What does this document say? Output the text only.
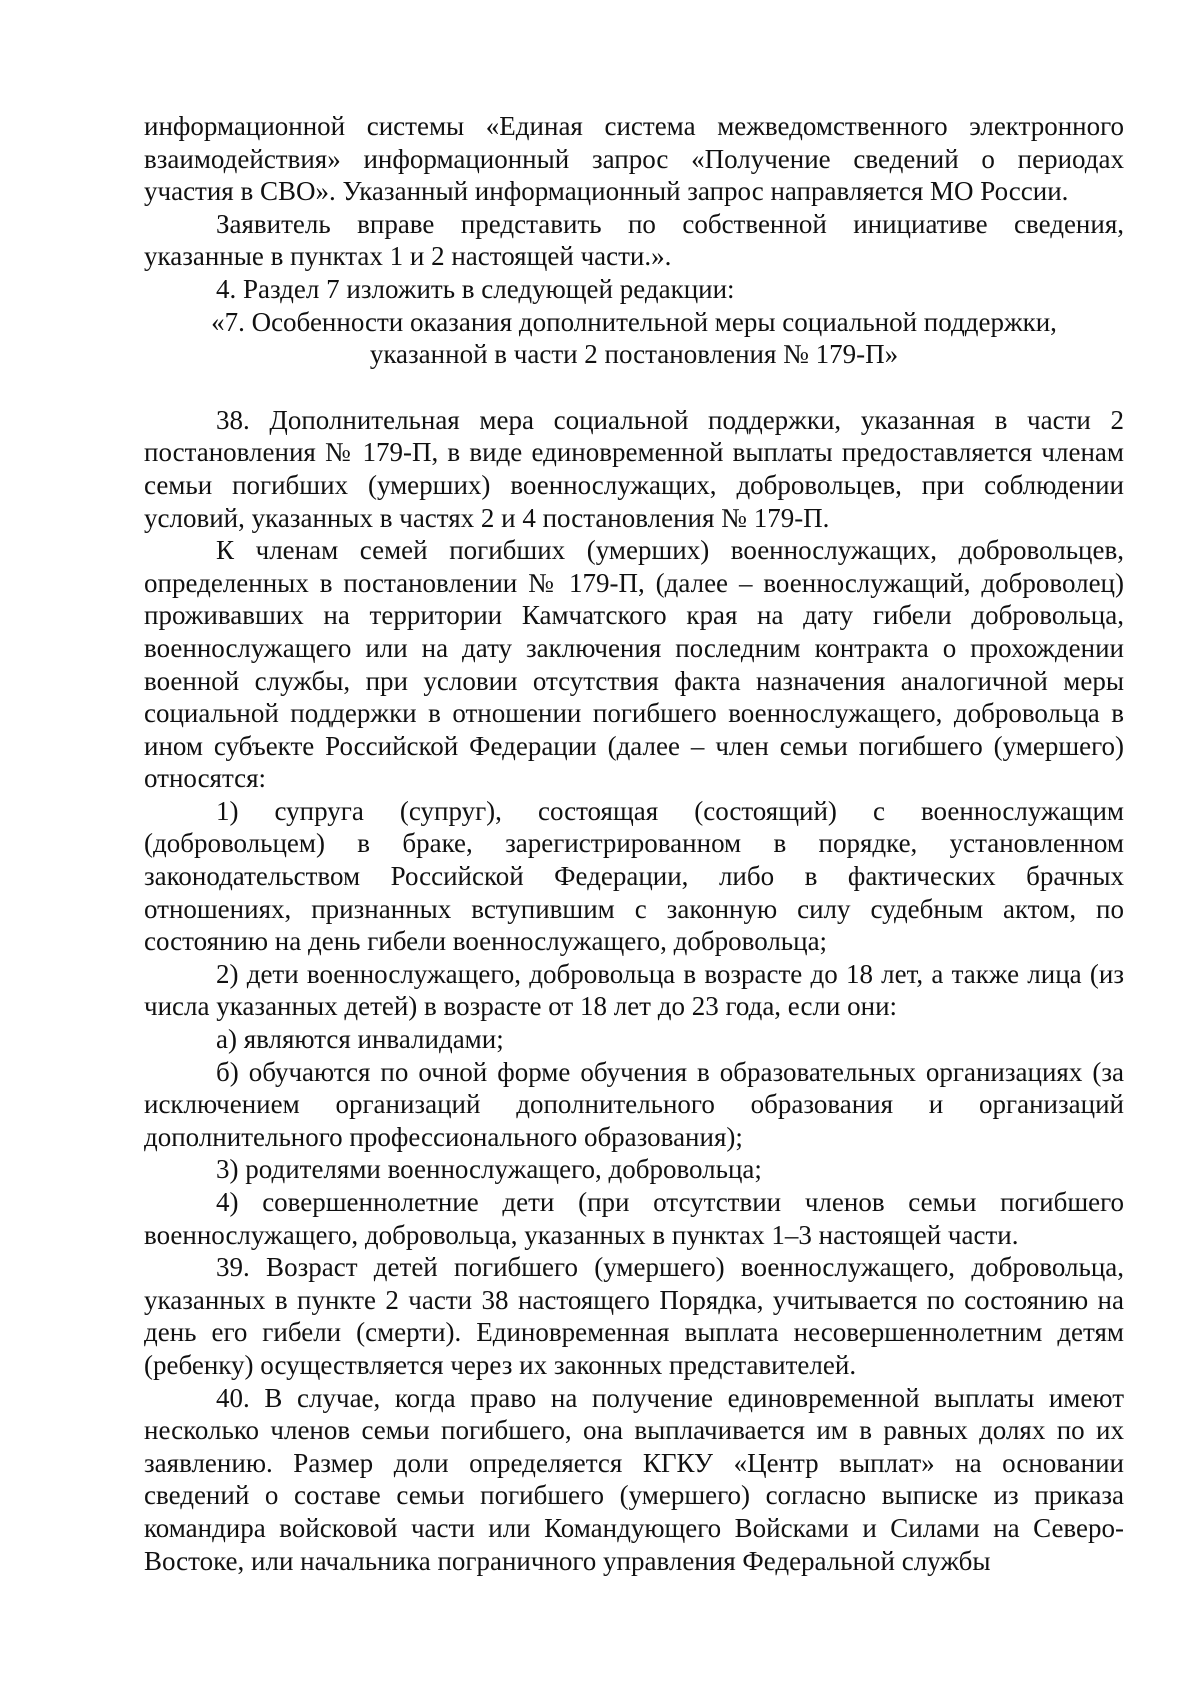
информационной системы «Единая система межведомственного электронного взаимодействия» информационный запрос «Получение сведений о периодах участия в СВО». Указанный информационный запрос направляется МО России.

Заявитель вправе представить по собственной инициативе сведения, указанные в пунктах 1 и 2 настоящей части.».

4. Раздел 7 изложить в следующей редакции:

«7. Особенности оказания дополнительной меры социальной поддержки,

указанной в части 2 постановления № 179-П»

38. Дополнительная мера социальной поддержки, указанная в части 2 постановления № 179-П, в виде единовременной выплаты предоставляется членам семьи погибших (умерших) военнослужащих, добровольцев, при соблюдении условий, указанных в частях 2 и 4 постановления № 179-П.

К членам семей погибших (умерших) военнослужащих, добровольцев, определенных в постановлении № 179-П, (далее – военнослужащий, доброволец) проживавших на территории Камчатского края на дату гибели добровольца, военнослужащего или на дату заключения последним контракта о прохождении военной службы, при условии отсутствия факта назначения аналогичной меры социальной поддержки в отношении погибшего военнослужащего, добровольца в ином субъекте Российской Федерации (далее – член семьи погибшего (умершего) относятся:

1) супруга (супруг), состоящая (состоящий) с военнослужащим (добровольцем) в браке, зарегистрированном в порядке, установленном законодательством Российской Федерации, либо в фактических брачных отношениях, признанных вступившим с законную силу судебным актом, по состоянию на день гибели военнослужащего, добровольца;

2) дети военнослужащего, добровольца в возрасте до 18 лет, а также лица (из числа указанных детей) в возрасте от 18 лет до 23 года, если они:

а) являются инвалидами;

б) обучаются по очной форме обучения в образовательных организациях (за исключением организаций дополнительного образования и организаций дополнительного профессионального образования);

3) родителями военнослужащего, добровольца;

4) совершеннолетние дети (при отсутствии членов семьи погибшего военнослужащего, добровольца, указанных в пунктах 1–3 настоящей части.

39. Возраст детей погибшего (умершего) военнослужащего, добровольца, указанных в пункте 2 части 38 настоящего Порядка, учитывается по состоянию на день его гибели (смерти). Единовременная выплата несовершеннолетним детям (ребенку) осуществляется через их законных представителей.

40. В случае, когда право на получение единовременной выплаты имеют несколько членов семьи погибшего, она выплачивается им в равных долях по их заявлению. Размер доли определяется КГКУ «Центр выплат» на основании сведений о составе семьи погибшего (умершего) согласно выписке из приказа командира войсковой части или Командующего Войсками и Силами на Северо-Востоке, или начальника пограничного управления Федеральной службы
